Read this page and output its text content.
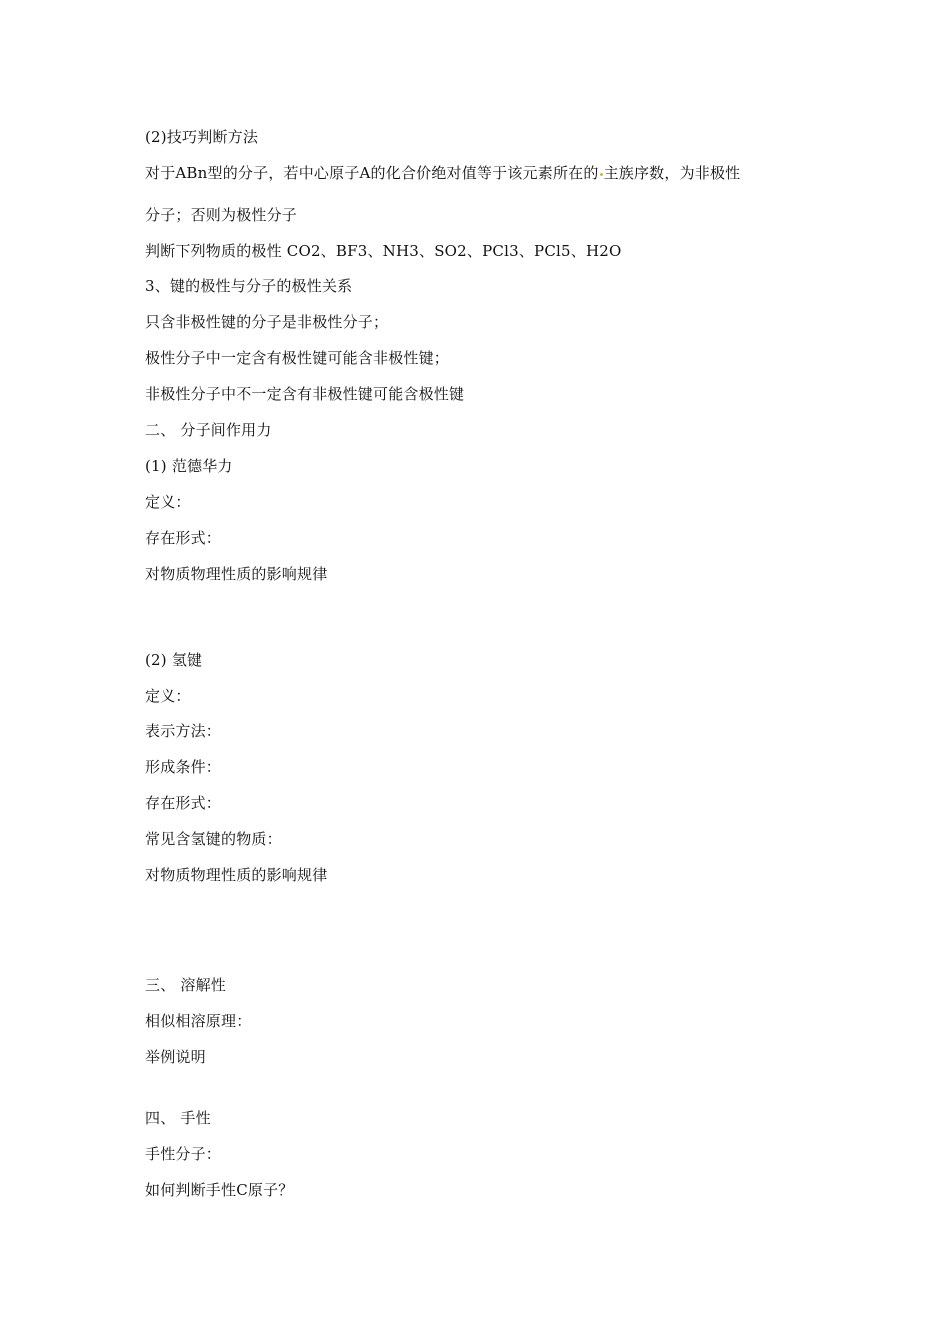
(2)技巧判断方法
对于ABn型的分子，若中心原子A的化合价绝对值等于该元素所在的 主族序数，为非极性
分子；否则为极性分子
判断下列物质的极性 CO2、BF3、NH3、SO2、PCl3、PCl5、H2O
3、键的极性与分子的极性关系
只含非极性键的分子是非极性分子；
极性分子中一定含有极性键可能含非极性键；
非极性分子中不一定含有非极性键可能含极性键
二、 分子间作用力
(1) 范德华力
定义：
存在形式：
对物质物理性质的影响规律
(2) 氢键
定义：
表示方法：
形成条件：
存在形式：
常见含氢键的物质：
对物质物理性质的影响规律
三、 溶解性
相似相溶原理：
举例说明
四、 手性
手性分子：
如何判断手性C原子？
